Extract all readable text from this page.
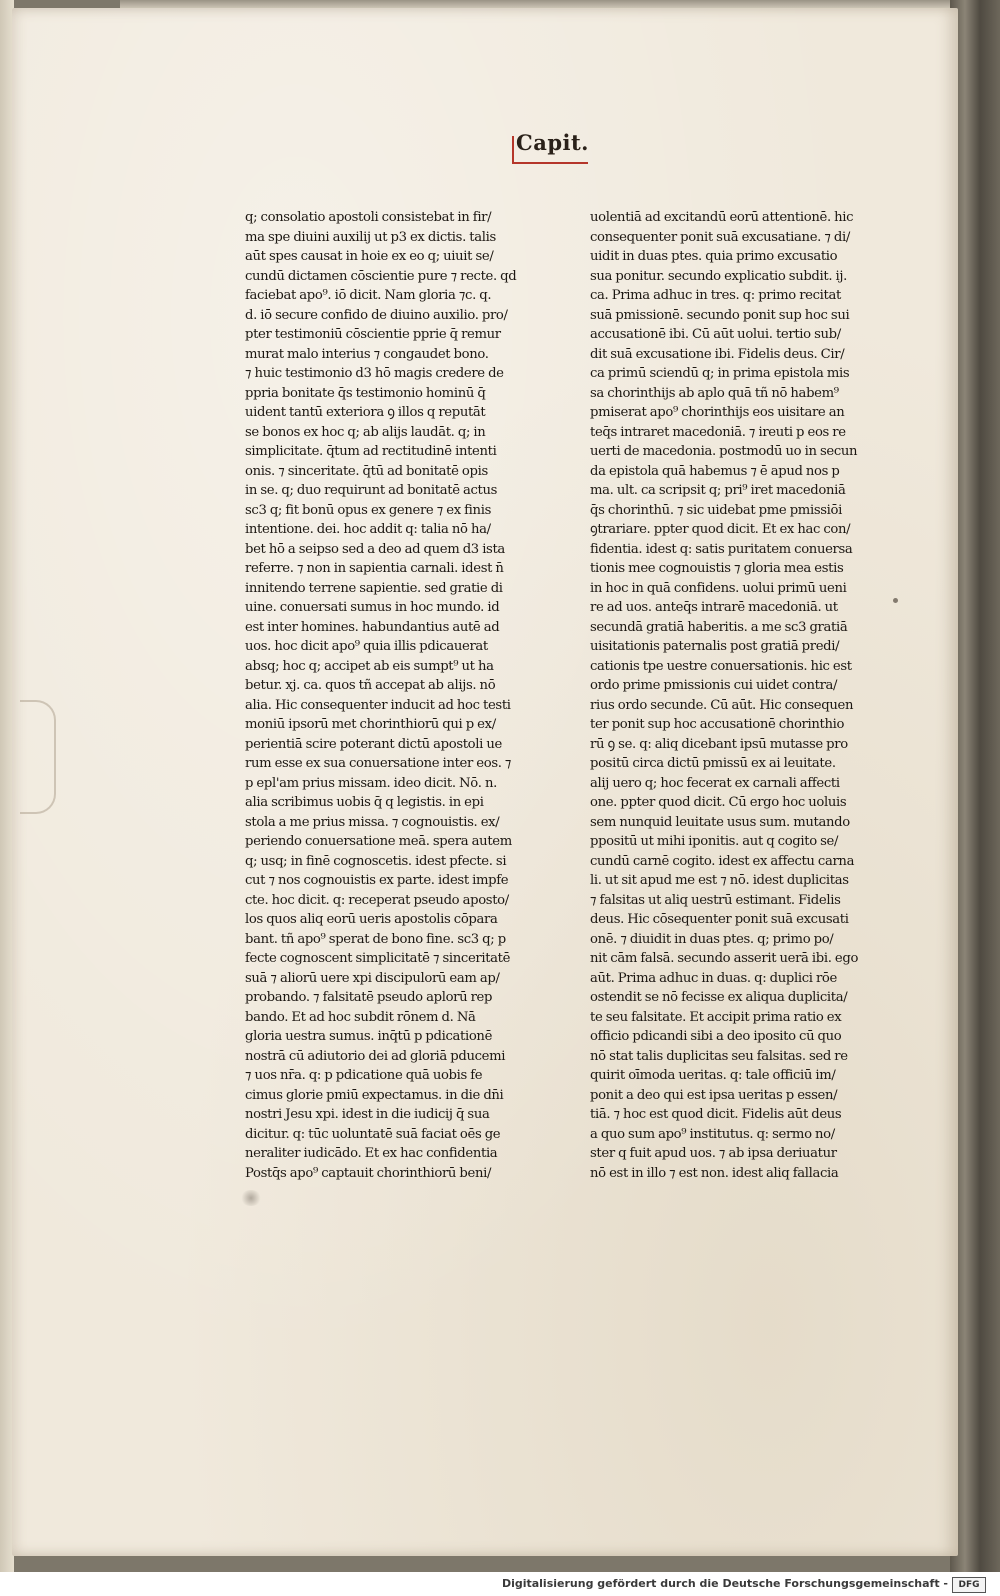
Capit.
q; consolatio apostoli consistebat in fir/
ma spe diuini auxilij ut p3 ex dictis. talis
aūt spes causat in hoie ex eo q; uiuit se/
cundū dictamen cōscientie pure ⁊ recte. qd
faciebat apo⁹. iō dicit. Nam gloria ⁊c. q.
d. iō secure confido de diuino auxilio. pro/
pter testimoniū cōscientie pprie q̄ remur
murat malo interius ⁊ congaudet bono.
⁊ huic testimonio d3 hō magis credere de
ppria bonitate q̄s testimonio hominū q̄
uident tantū exteriora ꝯ illos q reputāt
se bonos ex hoc q; ab alijs laudāt. q; in
simplicitate. q̄tum ad rectitudinē intenti
onis. ⁊ sinceritate. q̄tū ad bonitatē opis
in se. q; duo requirunt ad bonitatē actus
sc3 q; fit bonū opus ex genere ⁊ ex finis
intentione. dei. hoc addit q: talia nō ha/
bet hō a seipso sed a deo ad quem d3 ista
referre. ⁊ non in sapientia carnali. idest n̄
innitendo terrene sapientie. sed gratie di
uine. conuersati sumus in hoc mundo. id
est inter homines. habundantius autē ad
uos. hoc dicit apo⁹ quia illis pdicauerat
absq; hoc q; accipet ab eis sumpt⁹ ut ha
betur. xj. ca. quos tñ accepat ab alijs. nō
alia. Hic consequenter inducit ad hoc testi
moniū ipsorū met chorinthiorū qui p ex/
perientiā scire poterant dictū apostoli ue
rum esse ex sua conuersatione inter eos. ⁊
p epl'am prius missam. ideo dicit. Nō. n.
alia scribimus uobis q̄ q legistis. in epi
stola a me prius missa. ⁊ cognouistis. ex/
periendo conuersatione meā. spera autem
q; usq; in finē cognoscetis. idest pfecte. si
cut ⁊ nos cognouistis ex parte. idest impfe
cte. hoc dicit. q: receperat pseudo aposto/
los quos aliq eorū ueris apostolis cōpara
bant. tñ apo⁹ sperat de bono fine. sc3 q; p
fecte cognoscent simplicitatē ⁊ sinceritatē
suā ⁊ aliorū uere xpi discipulorū eam ap/
probando. ⁊ falsitatē pseudo aplorū rep
bando. Et ad hoc subdit rōnem d. Nā
gloria uestra sumus. inq̄tū p pdicationē
nostrā cū adiutorio dei ad gloriā pducemi
⁊ uos nr̄a. q: p pdicatione quā uobis fe
cimus glorie pmiū expectamus. in die dn̄i
nostri Jesu xpi. idest in die iudicij q̄ sua
dicitur. q: tūc uoluntatē suā faciat oēs ge
neraliter iudicādo. Et ex hac confidentia
Postq̄s apo⁹ captauit chorinthiorū beni/
uolentiā ad excitandū eorū attentionē. hic
consequenter ponit suā excusatiane. ⁊ di/
uidit in duas ptes. quia primo excusatio
sua ponitur. secundo explicatio subdit. ij.
ca. Prima adhuc in tres. q: primo recitat
suā pmissionē. secundo ponit sup hoc sui
accusationē ibi. Cū aūt uolui. tertio sub/
dit suā excusatione ibi. Fidelis deus. Cir/
ca primū sciendū q; in prima epistola mis
sa chorinthijs ab aplo quā tñ nō habem⁹
pmiserat apo⁹ chorinthijs eos uisitare an
teq̄s intraret macedoniā. ⁊ ireuti p eos re
uerti de macedonia. postmodū uo in secun
da epistola quā habemus ⁊ ē apud nos p
ma. ult. ca scripsit q; pri⁹ iret macedoniā
q̄s chorinthū. ⁊ sic uidebat pme pmissiōi
ꝯtrariare. ppter quod dicit. Et ex hac con/
fidentia. idest q: satis puritatem conuersa
tionis mee cognouistis ⁊ gloria mea estis
in hoc in quā confidens. uolui primū ueni
re ad uos. anteq̄s intrarē macedoniā. ut
secundā gratiā haberitis. a me sc3 gratiā
uisitationis paternalis post gratiā predi/
cationis tpe uestre conuersationis. hic est
ordo prime pmissionis cui uidet contra/
rius ordo secunde. Cū aūt. Hic consequen
ter ponit sup hoc accusationē chorinthio
rū ꝯ se. q: aliq dicebant ipsū mutasse pro
positū circa dictū pmissū ex ai leuitate.
alij uero q; hoc fecerat ex carnali affecti
one. ppter quod dicit. Cū ergo hoc uoluis
sem nunquid leuitate usus sum. mutando
ppositū ut mihi iponitis. aut q cogito se/
cundū carnē cogito. idest ex affectu carna
li. ut sit apud me est ⁊ nō. idest duplicitas
⁊ falsitas ut aliq uestrū estimant. Fidelis
deus. Hic cōsequenter ponit suā excusati
onē. ⁊ diuidit in duas ptes. q; primo po/
nit cām falsā. secundo asserit uerā ibi. ego
aūt. Prima adhuc in duas. q: duplici rōe
ostendit se nō fecisse ex aliqua duplicita/
te seu falsitate. Et accipit prima ratio ex
officio pdicandi sibi a deo iposito cū quo
nō stat talis duplicitas seu falsitas. sed re
quirit oīmoda ueritas. q: tale officiū im/
ponit a deo qui est ipsa ueritas p essen/
tiā. ⁊ hoc est quod dicit. Fidelis aūt deus
a quo sum apo⁹ institutus. q: sermo no/
ster q fuit apud uos. ⁊ ab ipsa deriuatur
nō est in illo ⁊ est non. idest aliq fallacia
Digitalisierung gefördert durch die Deutsche Forschungsgemeinschaft -	DFG
